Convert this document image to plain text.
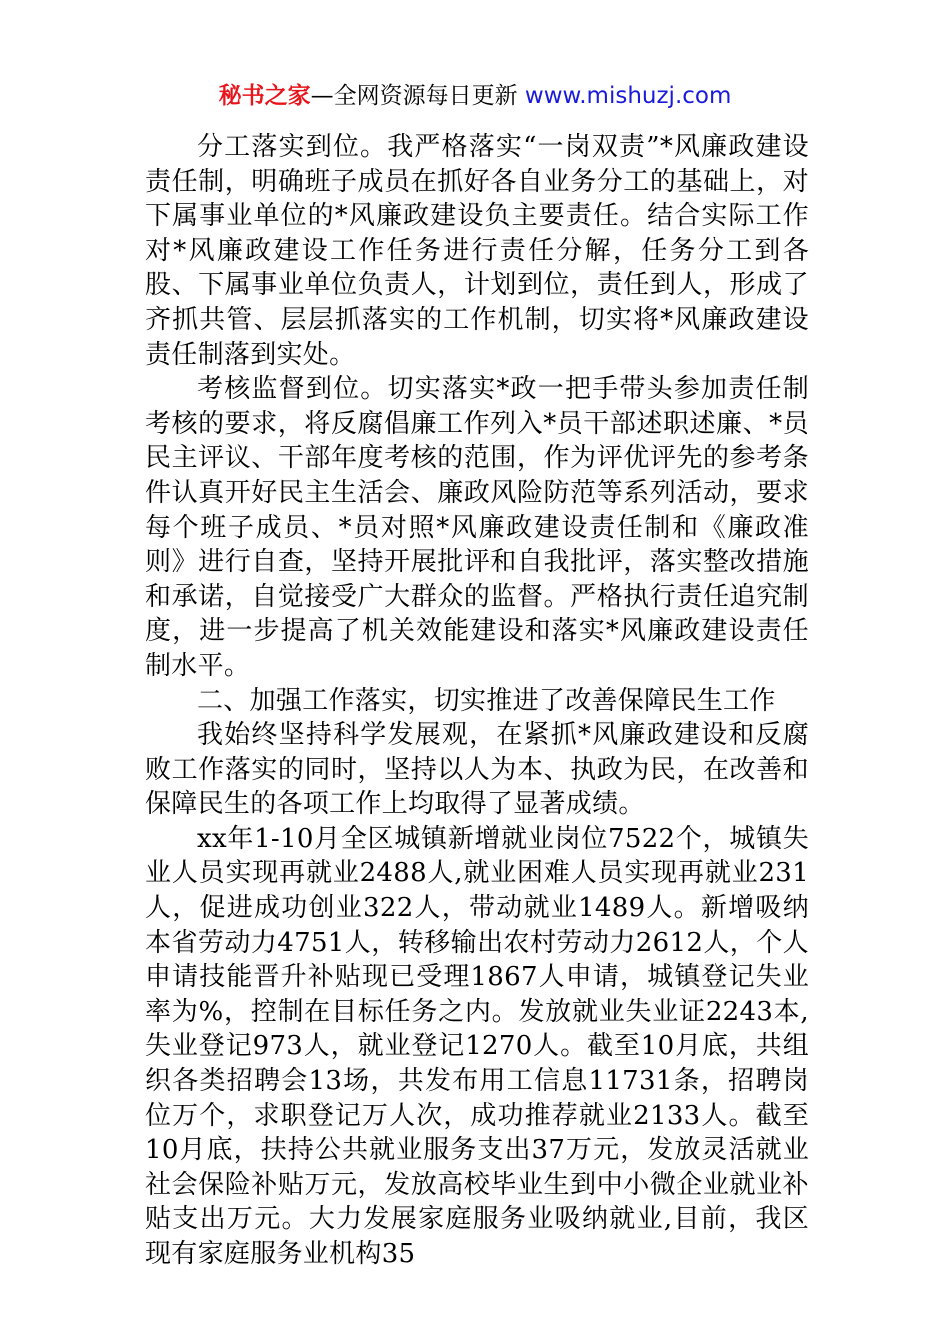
秘书之家—全网资源每日更新 www.mishuzj.com

分工落实到位。我严格落实“一岗双责”*风廉政建设责任制，明确班子成员在抓好各自业务分工的基础上，对下属事业单位的*风廉政建设负主要责任。结合实际工作对*风廉政建设工作任务进行责任分解，任务分工到各股、下属事业单位负责人，计划到位，责任到人，形成了齐抓共管、层层抓落实的工作机制，切实将*风廉政建设责任制落到实处。

考核监督到位。切实落实*政一把手带头参加责任制考核的要求，将反腐倡廉工作列入*员干部述职述廉、*员民主评议、干部年度考核的范围，作为评优评先的参考条件认真开好民主生活会、廉政风险防范等系列活动，要求每个班子成员、*员对照*风廉政建设责任制和《廉政准则》进行自查，坚持开展批评和自我批评，落实整改措施和承诺，自觉接受广大群众的监督。严格执行责任追究制度，进一步提高了机关效能建设和落实*风廉政建设责任制水平。

二、加强工作落实，切实推进了改善保障民生工作

我始终坚持科学发展观，在紧抓*风廉政建设和反腐败工作落实的同时，坚持以人为本、执政为民，在改善和保障民生的各项工作上均取得了显著成绩。

xx年1-10月全区城镇新增就业岗位7522个，城镇失业人员实现再就业2488人,就业困难人员实现再就业231人，促进成功创业322人，带动就业1489人。新增吸纳本省劳动力4751人，转移输出农村劳动力2612人，个人申请技能晋升补贴现已受理1867人申请，城镇登记失业率为%，控制在目标任务之内。发放就业失业证2243本,失业登记973人，就业登记1270人。截至10月底，共组织各类招聘会13场，共发布用工信息11731条，招聘岗位万个，求职登记万人次，成功推荐就业2133人。截至10月底，扶持公共就业服务支出37万元，发放灵活就业社会保险补贴万元，发放高校毕业生到中小微企业就业补贴支出万元。大力发展家庭服务业吸纳就业,目前，我区现有家庭服务业机构35
